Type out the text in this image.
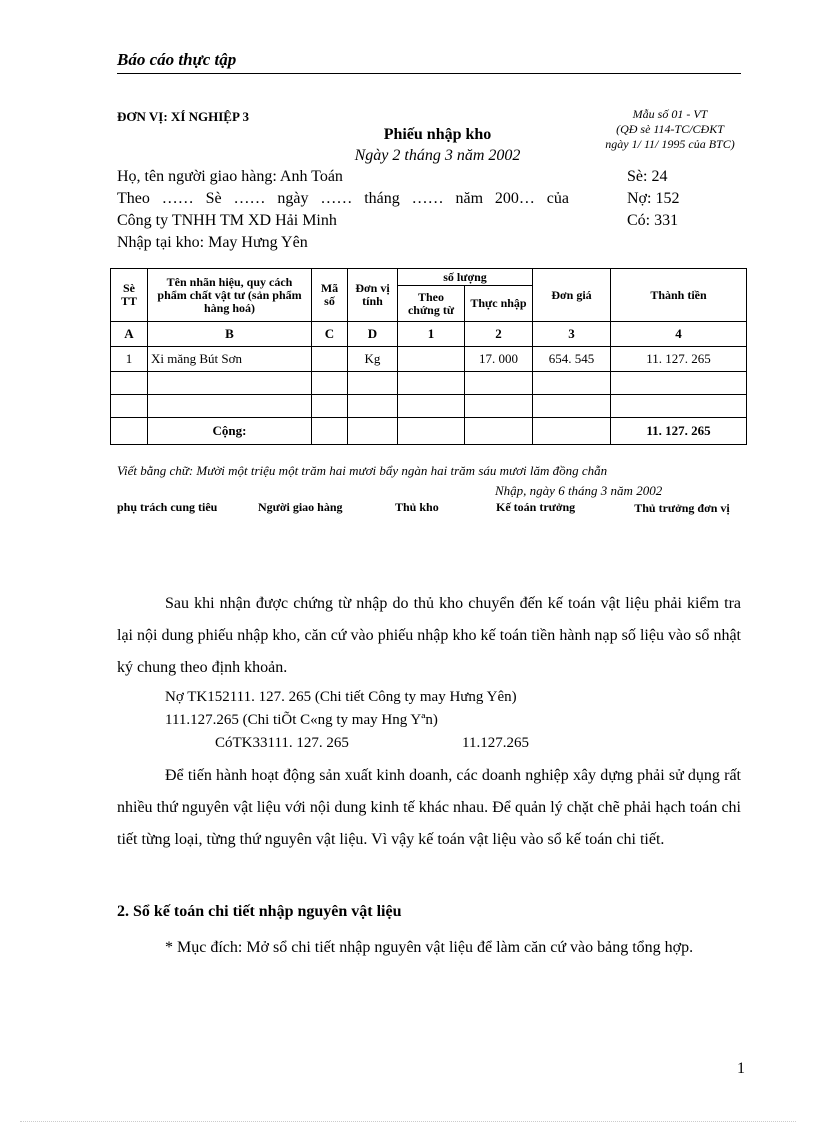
Báo cáo thực tập
ĐƠN VỊ: XÍ NGHIỆP 3	Mẫu số 01 - VT
(QĐ sè 114-TC/CĐKT
ngày 1/ 11/ 1995 của BTC)
Phiếu nhập kho
Ngày 2 tháng 3 năm 2002
Họ, tên người giao hàng: Anh Toán
Theo …… Sè …… ngày …… tháng …… năm 200… của
Công ty TNHH TM XD Hải Minh
Nhập tại kho: May Hưng Yên
Sè: 24
Nợ: 152
Có: 331
Sè TT	Tên nhãn hiệu, quy cách phẩm chất vật tư (sản phẩm hàng hoá)	Mã số	Đơn vị tính	số lượng		Đơn giá	Thành tiền
				Theo chứng từ	Thực nhập		
A	B	C	D	1	2	3	4
1	Xi măng Bút Sơn		Kg		17. 000	654. 545	11. 127. 265

	Cộng:						11. 127. 265
Viết bằng chữ: Mười một triệu một trăm hai mươi bẩy ngàn hai trăm sáu mươi lăm đồng chẵn
Nhập, ngày 6 tháng 3 năm 2002
phụ trách cung tiêu	Người giao hàng	Thủ kho	Kế toán trưởng	Thủ trưởng đơn vị
Sau khi nhận được chứng từ nhập do thủ kho chuyển đến kế toán vật liệu phải kiểm tra lại nội dung phiếu nhập kho, căn cứ vào phiếu nhập kho kế toán tiền hành nạp số liệu vào sổ nhật ký chung theo định khoản.
Nợ TK152111. 127. 265 (Chi tiết Công ty may Hưng Yên)
111.127.265 (Chi tiÕt C«ng ty may Hng Yªn)
CóTK33111. 127. 265	11.127.265
Để tiến hành hoạt động sản xuất kinh doanh, các doanh nghiệp xây dựng phải sử dụng rất nhiều thứ nguyên vật liệu với nội dung kinh tế khác nhau. Để quản lý chặt chẽ phải hạch toán chi tiết từng loại, từng thứ nguyên vật liệu. Vì vậy kế toán vật liệu vào sổ kế toán chi tiết.
2. Sổ kế toán chi tiết nhập nguyên vật liệu
* Mục đích: Mở sổ chi tiết nhập nguyên vật liệu để làm căn cứ vào bảng tổng hợp.
1
